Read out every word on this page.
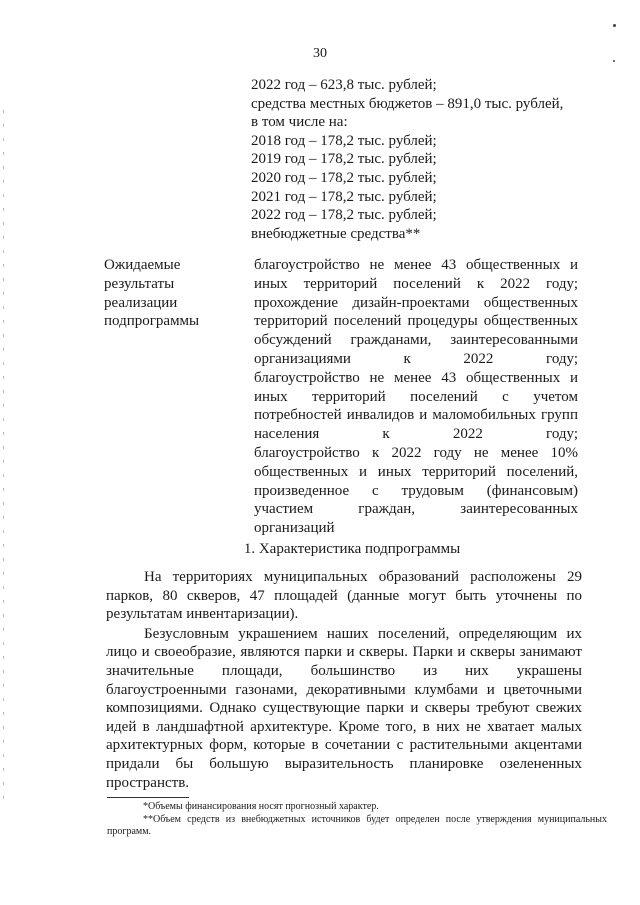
30
2022 год – 623,8 тыс. рублей;
средства местных бюджетов – 891,0 тыс. рублей,
в том числе на:
2018 год – 178,2 тыс. рублей;
2019 год – 178,2 тыс. рублей;
2020 год – 178,2 тыс. рублей;
2021 год – 178,2 тыс. рублей;
2022 год – 178,2 тыс. рублей;
внебюджетные средства**
Ожидаемые
результаты
реализации
подпрограммы

благоустройство не менее 43 общественных и иных территорий поселений к 2022 году;

прохождение дизайн-проектами общественных территорий поселений процедуры общественных обсуждений гражданами, заинтересованными организациями к 2022 году;

благоустройство не менее 43 общественных и иных территорий поселений с учетом потребностей инвалидов и маломобильных групп населения к 2022 году;

благоустройство к 2022 году не менее 10% общественных и иных территорий поселений, произведенное с трудовым (финансовым) участием граждан, заинтересованных организаций

1. Характеристика подпрограммы

На территориях муниципальных образований расположены 29 парков, 80 скверов, 47 площадей (данные могут быть уточнены по результатам инвентаризации).

Безусловным украшением наших поселений, определяющим их лицо и своеобразие, являются парки и скверы. Парки и скверы занимают значительные площади, большинство из них украшены благоустроенными газонами, декоративными клумбами и цветочными композициями. Однако существующие парки и скверы требуют свежих идей в ландшафтной архитектуре. Кроме того, в них не хватает малых архитектурных форм, которые в сочетании с растительными акцентами придали бы большую выразительность планировке озелененных пространств.

*Объемы финансирования носят прогнозный характер.

**Объем средств из внебюджетных источников будет определен после утверждения муниципальных программ.
